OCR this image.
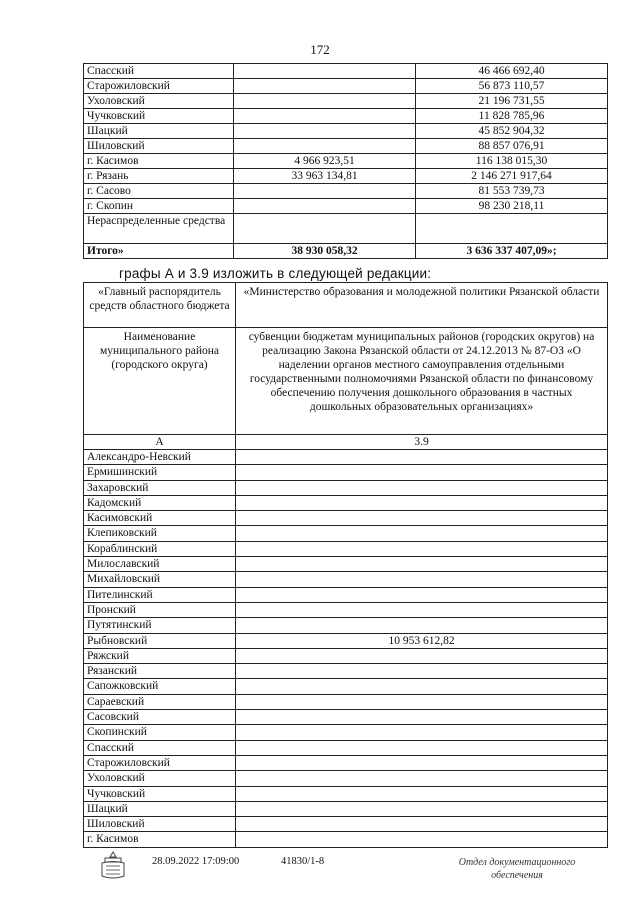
172
Спасский		46 466 692,40
Старожиловский		56 873 110,57
Ухоловский		21 196 731,55
Чучковский		11 828 785,96
Шацкий		45 852 904,32
Шиловский		88 857 076,91
г. Касимов	4 966 923,51	116 138 015,30
г. Рязань	33 963 134,81	2 146 271 917,64
г. Сасово		81 553 739,73
г. Скопин		98 230 218,11
Нераспределенные средства		
Итого»	38 930 058,32	3 636 337 407,09»;
графы А и 3.9 изложить в следующей редакции:
«Главный распорядитель средств областного бюджета	«Министерство образования и молодежной политики Рязанской области
Наименование муниципального района (городского округа)	субвенции бюджетам муниципальных районов (городских округов) на реализацию Закона Рязанской области от 24.12.2013 № 87-ОЗ «О наделении органов местного самоуправления отдельными государственными полномочиями Рязанской области по финансовому обеспечению получения дошкольного образования в частных дошкольных образовательных организациях»
А	3.9
Александро-Невский	
Ермишинский	
Захаровский	
Кадомский	
Касимовский	
Клепиковский	
Кораблинский	
Милославский	
Михайловский	
Пителинский	
Пронский	
Путятинский	
Рыбновский	10 953 612,82
Ряжский	
Рязанский	
Сапожковский	
Сараевский	
Сасовский	
Скопинский	
Спасский	
Старожиловский	
Ухоловский	
Чучковский	
Шацкий	
Шиловский	
г. Касимов	
28.09.2022 17:09:00	41830/1-8	Отдел документационного обеспечения
